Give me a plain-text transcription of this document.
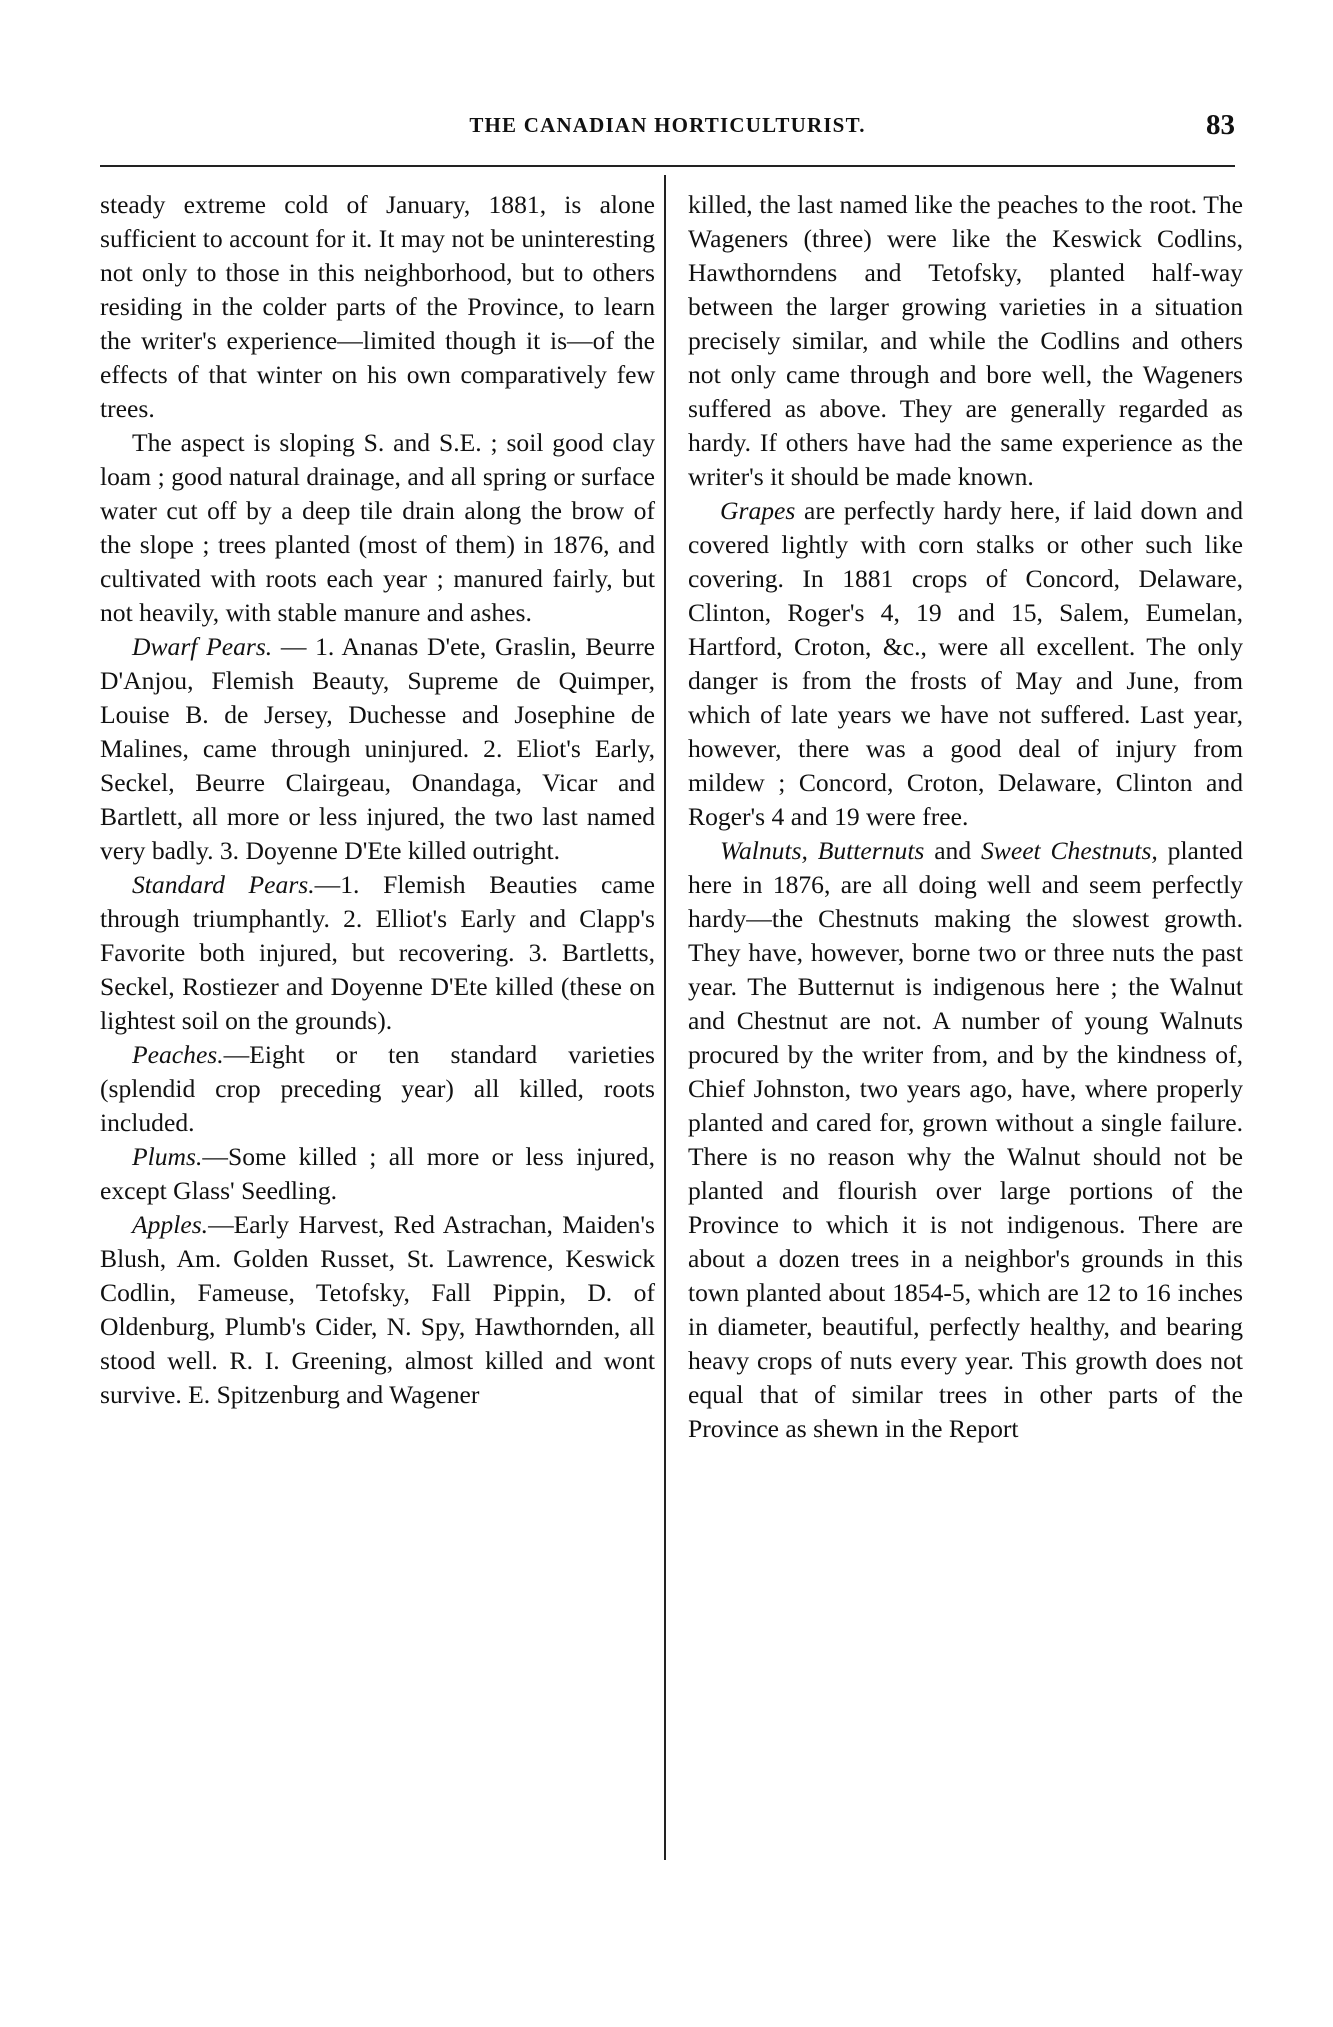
THE CANADIAN HORTICULTURIST.	83

steady extreme cold of January, 1881, is alone sufficient to account for it. It may not be uninteresting not only to those in this neighborhood, but to others residing in the colder parts of the Province, to learn the writer's experience—limited though it is—of the effects of that winter on his own comparatively few trees.

The aspect is sloping S. and S.E. ; soil good clay loam ; good natural drainage, and all spring or surface water cut off by a deep tile drain along the brow of the slope ; trees planted (most of them) in 1876, and cultivated with roots each year ; manured fairly, but not heavily, with stable manure and ashes.

Dwarf Pears. — 1. Ananas D'ete, Graslin, Beurre D'Anjou, Flemish Beauty, Supreme de Quimper, Louise B. de Jersey, Duchesse and Josephine de Malines, came through uninjured. 2. Eliot's Early, Seckel, Beurre Clairgeau, Onandaga, Vicar and Bartlett, all more or less injured, the two last named very badly. 3. Doyenne D'Ete killed outright.

Standard Pears.—1. Flemish Beauties came through triumphantly. 2. Elliot's Early and Clapp's Favorite both injured, but recovering. 3. Bartletts, Seckel, Rostiezer and Doyenne D'Ete killed (these on lightest soil on the grounds).

Peaches.—Eight or ten standard varieties (splendid crop preceding year) all killed, roots included.

Plums.—Some killed ; all more or less injured, except Glass' Seedling.

Apples.—Early Harvest, Red Astrachan, Maiden's Blush, Am. Golden Russet, St. Lawrence, Keswick Codlin, Fameuse, Tetofsky, Fall Pippin, D. of Oldenburg, Plumb's Cider, N. Spy, Hawthornden, all stood well. R. I. Greening, almost killed and wont survive. E. Spitzenburg and Wagener

killed, the last named like the peaches to the root. The Wageners (three) were like the Keswick Codlins, Hawthorndens and Tetofsky, planted half-way between the larger growing varieties in a situation precisely similar, and while the Codlins and others not only came through and bore well, the Wageners suffered as above. They are generally regarded as hardy. If others have had the same experience as the writer's it should be made known.

Grapes are perfectly hardy here, if laid down and covered lightly with corn stalks or other such like covering. In 1881 crops of Concord, Delaware, Clinton, Roger's 4, 19 and 15, Salem, Eumelan, Hartford, Croton, &c., were all excellent. The only danger is from the frosts of May and June, from which of late years we have not suffered. Last year, however, there was a good deal of injury from mildew ; Concord, Croton, Delaware, Clinton and Roger's 4 and 19 were free.

Walnuts, Butternuts and Sweet Chestnuts, planted here in 1876, are all doing well and seem perfectly hardy—the Chestnuts making the slowest growth. They have, however, borne two or three nuts the past year. The Butternut is indigenous here ; the Walnut and Chestnut are not. A number of young Walnuts procured by the writer from, and by the kindness of, Chief Johnston, two years ago, have, where properly planted and cared for, grown without a single failure. There is no reason why the Walnut should not be planted and flourish over large portions of the Province to which it is not indigenous. There are about a dozen trees in a neighbor's grounds in this town planted about 1854-5, which are 12 to 16 inches in diameter, beautiful, perfectly healthy, and bearing heavy crops of nuts every year. This growth does not equal that of similar trees in other parts of the Province as shewn in the Report
